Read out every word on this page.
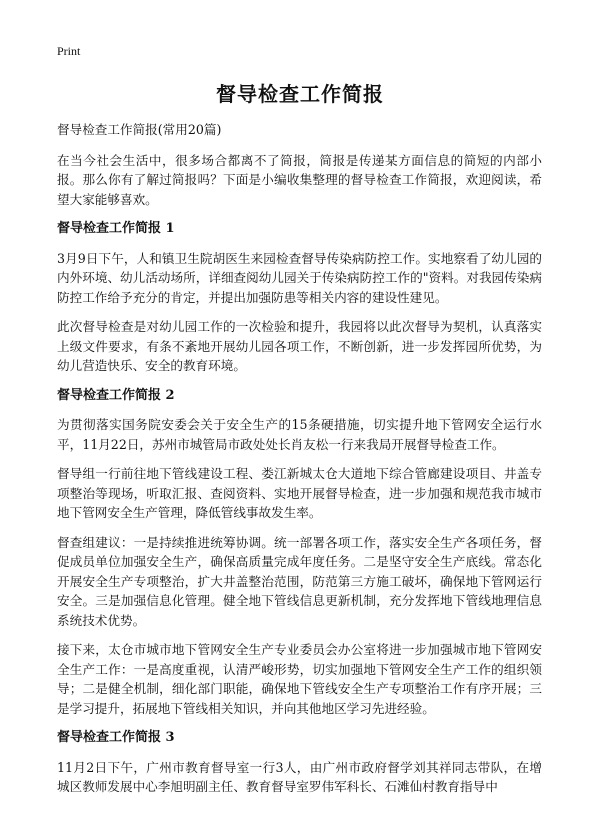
Print
督导检查工作简报
督导检查工作简报(常用20篇)

在当今社会生活中，很多场合都离不了简报，简报是传递某方面信息的简短的内部小报。那么你有了解过简报吗？下面是小编收集整理的督导检查工作简报，欢迎阅读，希望大家能够喜欢。

督导检查工作简报 1

3月9日下午，人和镇卫生院胡医生来园检查督导传染病防控工作。实地察看了幼儿园的内外环境、幼儿活动场所，详细查阅幼儿园关于传染病防控工作的"资料。对我园传染病防控工作给予充分的肯定，并提出加强防患等相关内容的建设性建见。

此次督导检查是对幼儿园工作的一次检验和提升，我园将以此次督导为契机，认真落实上级文件要求，有条不紊地开展幼儿园各项工作，不断创新，进一步发挥园所优势，为幼儿营造快乐、安全的教育环境。

督导检查工作简报 2

为贯彻落实国务院安委会关于安全生产的15条硬措施，切实提升地下管网安全运行水平，11月22日，苏州市城管局市政处处长肖友松一行来我局开展督导检查工作。

督导组一行前往地下管线建设工程、娄江新城太仓大道地下综合管廊建设项目、井盖专项整治等现场，听取汇报、查阅资料、实地开展督导检查，进一步加强和规范我市城市地下管网安全生产管理，降低管线事故发生率。

督查组建议：一是持续推进统筹协调。统一部署各项工作，落实安全生产各项任务，督促成员单位加强安全生产，确保高质量完成年度任务。二是坚守安全生产底线。常态化开展安全生产专项整治，扩大井盖整治范围，防范第三方施工破坏，确保地下管网运行安全。三是加强信息化管理。健全地下管线信息更新机制，充分发挥地下管线地理信息系统技术优势。

接下来，太仓市城市地下管网安全生产专业委员会办公室将进一步加强城市地下管网安全生产工作：一是高度重视，认清严峻形势，切实加强地下管网安全生产工作的组织领导；二是健全机制，细化部门职能，确保地下管线安全生产专项整治工作有序开展；三是学习提升，拓展地下管线相关知识，并向其他地区学习先进经验。

督导检查工作简报 3

11月2日下午，广州市教育督导室一行3人，由广州市政府督学刘其祥同志带队，在增城区教师发展中心李旭明副主任、教育督导室罗伟军科长、石滩仙村教育指导中
